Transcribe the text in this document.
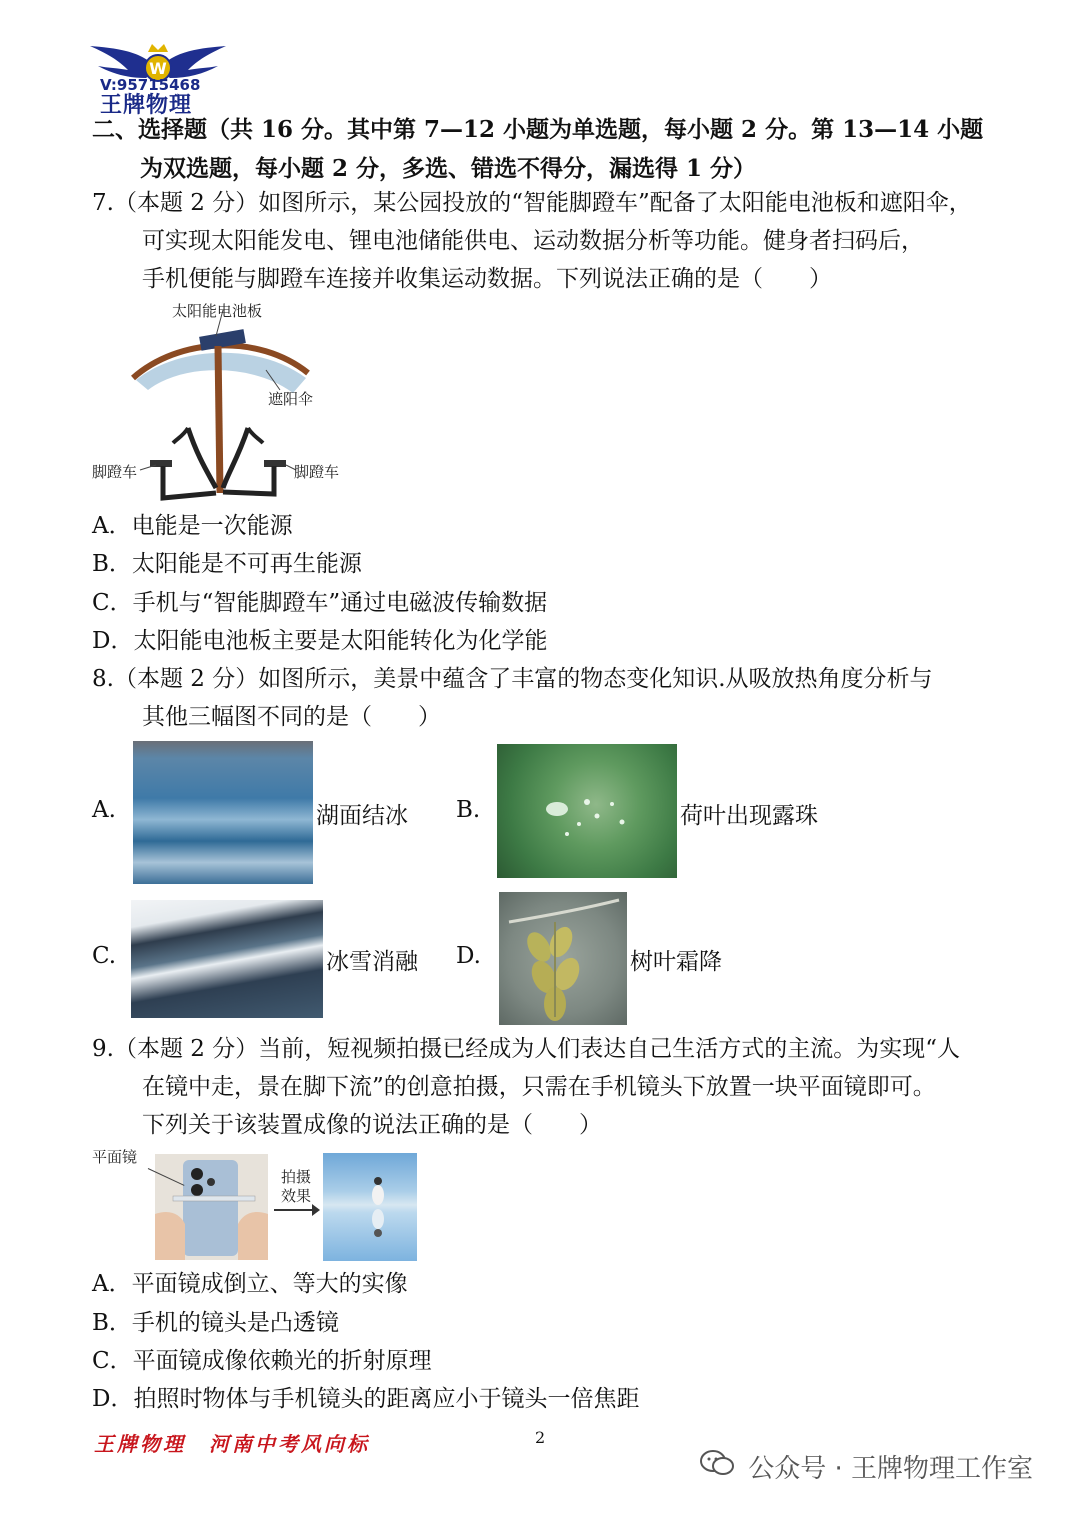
W
V:95715468
王牌物理
二、选择题（共 16 分。其中第 7—12 小题为单选题，每小题 2 分。第 13—14 小题
为双选题，每小题 2 分，多选、错选不得分，漏选得 1 分）
7.（本题 2 分）如图所示，某公园投放的“智能脚蹬车”配备了太阳能电池板和遮阳伞，
可实现太阳能发电、锂电池储能供电、运动数据分析等功能。健身者扫码后，
手机便能与脚蹬车连接并收集运动数据。下列说法正确的是（　　）
太阳能电池板
遮阳伞
脚蹬车	脚蹬车
A．电能是一次能源
B．太阳能是不可再生能源
C．手机与“智能脚蹬车”通过电磁波传输数据
D．太阳能电池板主要是太阳能转化为化学能
8.（本题 2 分）如图所示，美景中蕴含了丰富的物态变化知识.从吸放热角度分析与
其他三幅图不同的是（　　）
A.	湖面结冰 B.	荷叶出现露珠
C.	冰雪消融 D.	树叶霜降
9.（本题 2 分）当前，短视频拍摄已经成为人们表达自己生活方式的主流。为实现“人
在镜中走，景在脚下流”的创意拍摄，只需在手机镜头下放置一块平面镜即可。
下列关于该装置成像的说法正确的是（　　）
平面镜
拍摄
效果
A．平面镜成倒立、等大的实像
B．手机的镜头是凸透镜
C．平面镜成像依赖光的折射原理
D．拍照时物体与手机镜头的距离应小于镜头一倍焦距
王牌物理　河南中考风向标	2
公众号 · 王牌物理工作室
